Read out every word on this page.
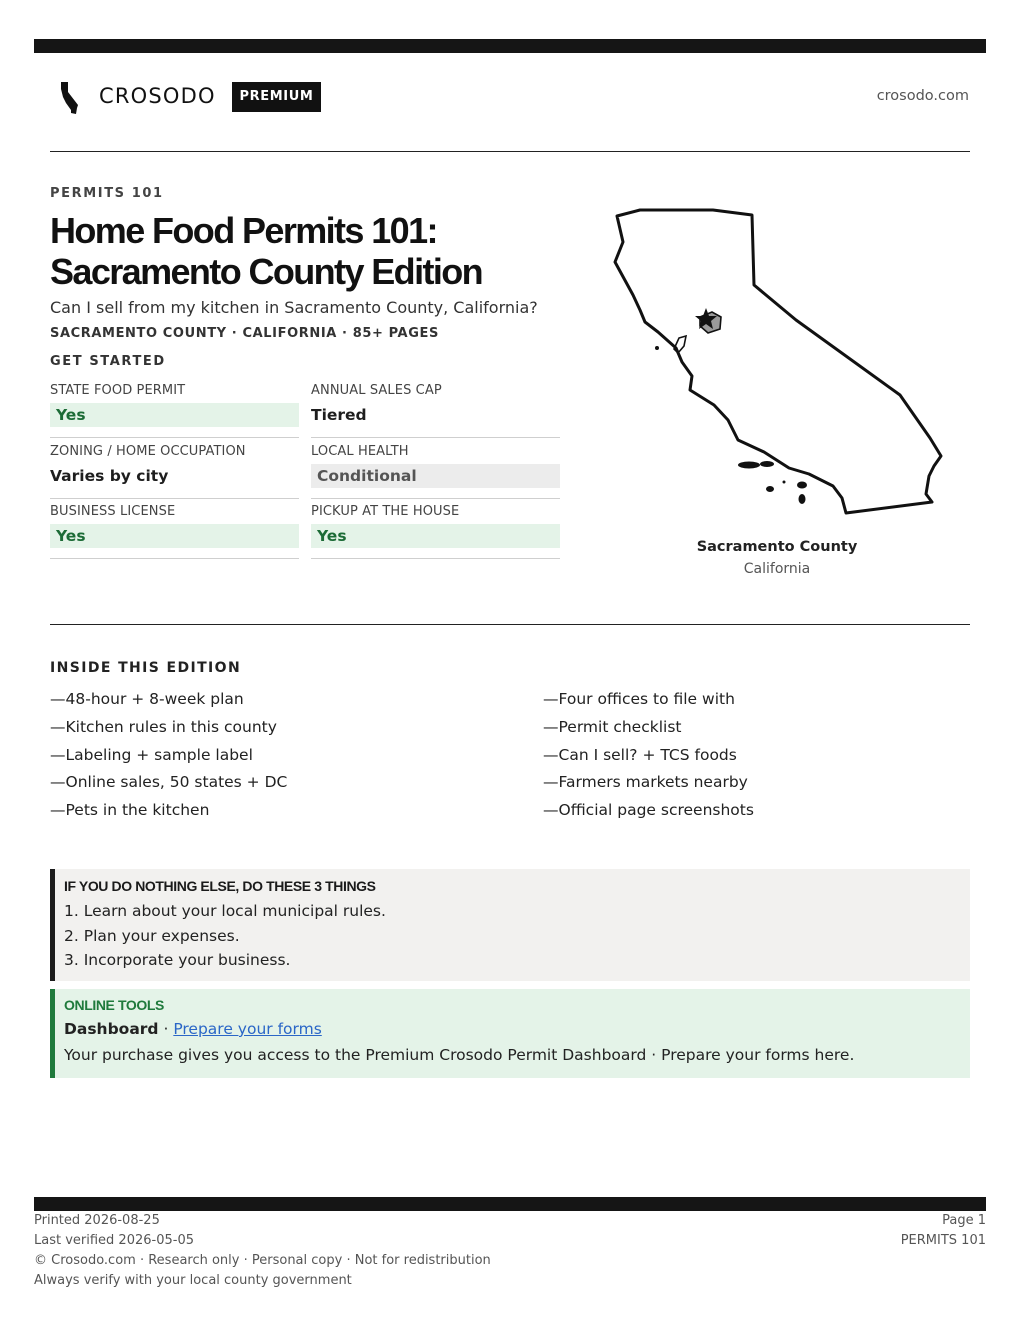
CROSODO	PREMIUM	crosodo.com
PERMITS 101
Home Food Permits 101:
Sacramento County Edition
Can I sell from my kitchen in Sacramento County, California?
SACRAMENTO COUNTY · CALIFORNIA · 85+ PAGES
GET STARTED
STATE FOOD PERMIT
Yes
ANNUAL SALES CAP
Tiered
ZONING / HOME OCCUPATION
Varies by city
LOCAL HEALTH
Conditional
BUSINESS LICENSE
Yes
PICKUP AT THE HOUSE
Yes
Sacramento County
California
INSIDE THIS EDITION
—48-hour + 8-week plan
—Kitchen rules in this county
—Labeling + sample label
—Online sales, 50 states + DC
—Pets in the kitchen
—Four offices to file with
—Permit checklist
—Can I sell? + TCS foods
—Farmers markets nearby
—Official page screenshots
IF YOU DO NOTHING ELSE, DO THESE 3 THINGS
1. Learn about your local municipal rules.
2. Plan your expenses.
3. Incorporate your business.
ONLINE TOOLS
Dashboard · Prepare your forms
Your purchase gives you access to the Premium Crosodo Permit Dashboard · Prepare your forms here.
Printed 2026-08-25
Last verified 2026-05-05
© Crosodo.com · Research only · Personal copy · Not for redistribution
Always verify with your local county government
Page 1
PERMITS 101
